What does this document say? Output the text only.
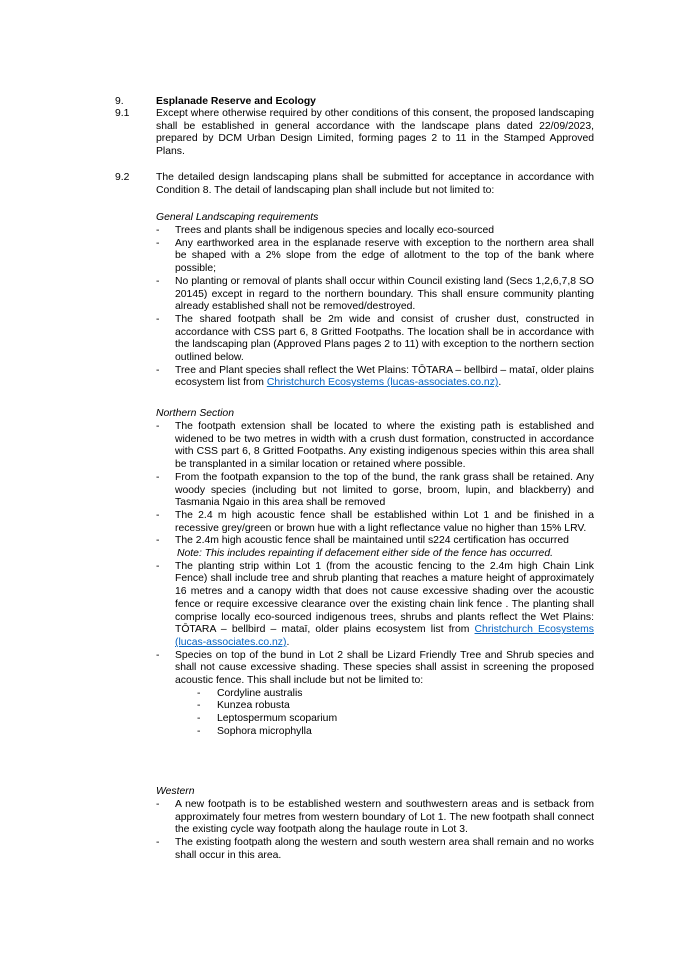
9.	Esplanade Reserve and Ecology
9.1	Except where otherwise required by other conditions of this consent, the proposed landscaping shall be established in general accordance with the landscape plans dated 22/09/2023, prepared by DCM Urban Design Limited, forming pages 2 to 11 in the Stamped Approved Plans.
9.2	The detailed design landscaping plans shall be submitted for acceptance in accordance with Condition 8. The detail of landscaping plan shall include but not limited to:
General Landscaping requirements
- Trees and plants shall be indigenous species and locally eco-sourced
- Any earthworked area in the esplanade reserve with exception to the northern area shall be shaped with a 2% slope from the edge of allotment to the top of the bank where possible;
- No planting or removal of plants shall occur within Council existing land (Secs 1,2,6,7,8 SO 20145) except in regard to the northern boundary. This shall ensure community planting already established shall not be removed/destroyed.
- The shared footpath shall be 2m wide and consist of crusher dust, constructed in accordance with CSS part 6, 8 Gritted Footpaths. The location shall be in accordance with the landscaping plan (Approved Plans pages 2 to 11) with exception to the northern section outlined below.
- Tree and Plant species shall reflect the Wet Plains: TŌTARA – bellbird – mataī, older plains ecosystem list from Christchurch Ecosystems (lucas-associates.co.nz).
Northern Section
- The footpath extension shall be located to where the existing path is established and widened to be two metres in width with a crush dust formation, constructed in accordance with CSS part 6, 8 Gritted Footpaths. Any existing indigenous species within this area shall be transplanted in a similar location or retained where possible.
- From the footpath expansion to the top of the bund, the rank grass shall be retained. Any woody species (including but not limited to gorse, broom, lupin, and blackberry) and Tasmania Ngaio in this area shall be removed
- The 2.4 m high acoustic fence shall be established within Lot 1 and be finished in a recessive grey/green or brown hue with a light reflectance value no higher than 15% LRV.
- The 2.4m high acoustic fence shall be maintained until s224 certification has occurred
Note: This includes repainting if defacement either side of the fence has occurred.
- The planting strip within Lot 1 (from the acoustic fencing to the 2.4m high Chain Link Fence) shall include tree and shrub planting that reaches a mature height of approximately 16 metres and a canopy width that does not cause excessive shading over the acoustic fence or require excessive clearance over the existing chain link fence . The planting shall comprise locally eco-sourced indigenous trees, shrubs and plants reflect the Wet Plains: TŌTARA – bellbird – mataī, older plains ecosystem list from Christchurch Ecosystems (lucas-associates.co.nz).
- Species on top of the bund in Lot 2 shall be Lizard Friendly Tree and Shrub species and shall not cause excessive shading. These species shall assist in screening the proposed acoustic fence. This shall include but not be limited to:
- Cordyline australis
- Kunzea robusta
- Leptospermum scoparium
- Sophora microphylla
Western
- A new footpath is to be established western and southwestern areas and is setback from approximately four metres from western boundary of Lot 1. The new footpath shall connect the existing cycle way footpath along the haulage route in Lot 3.
- The existing footpath along the western and south western area shall remain and no works shall occur in this area.
